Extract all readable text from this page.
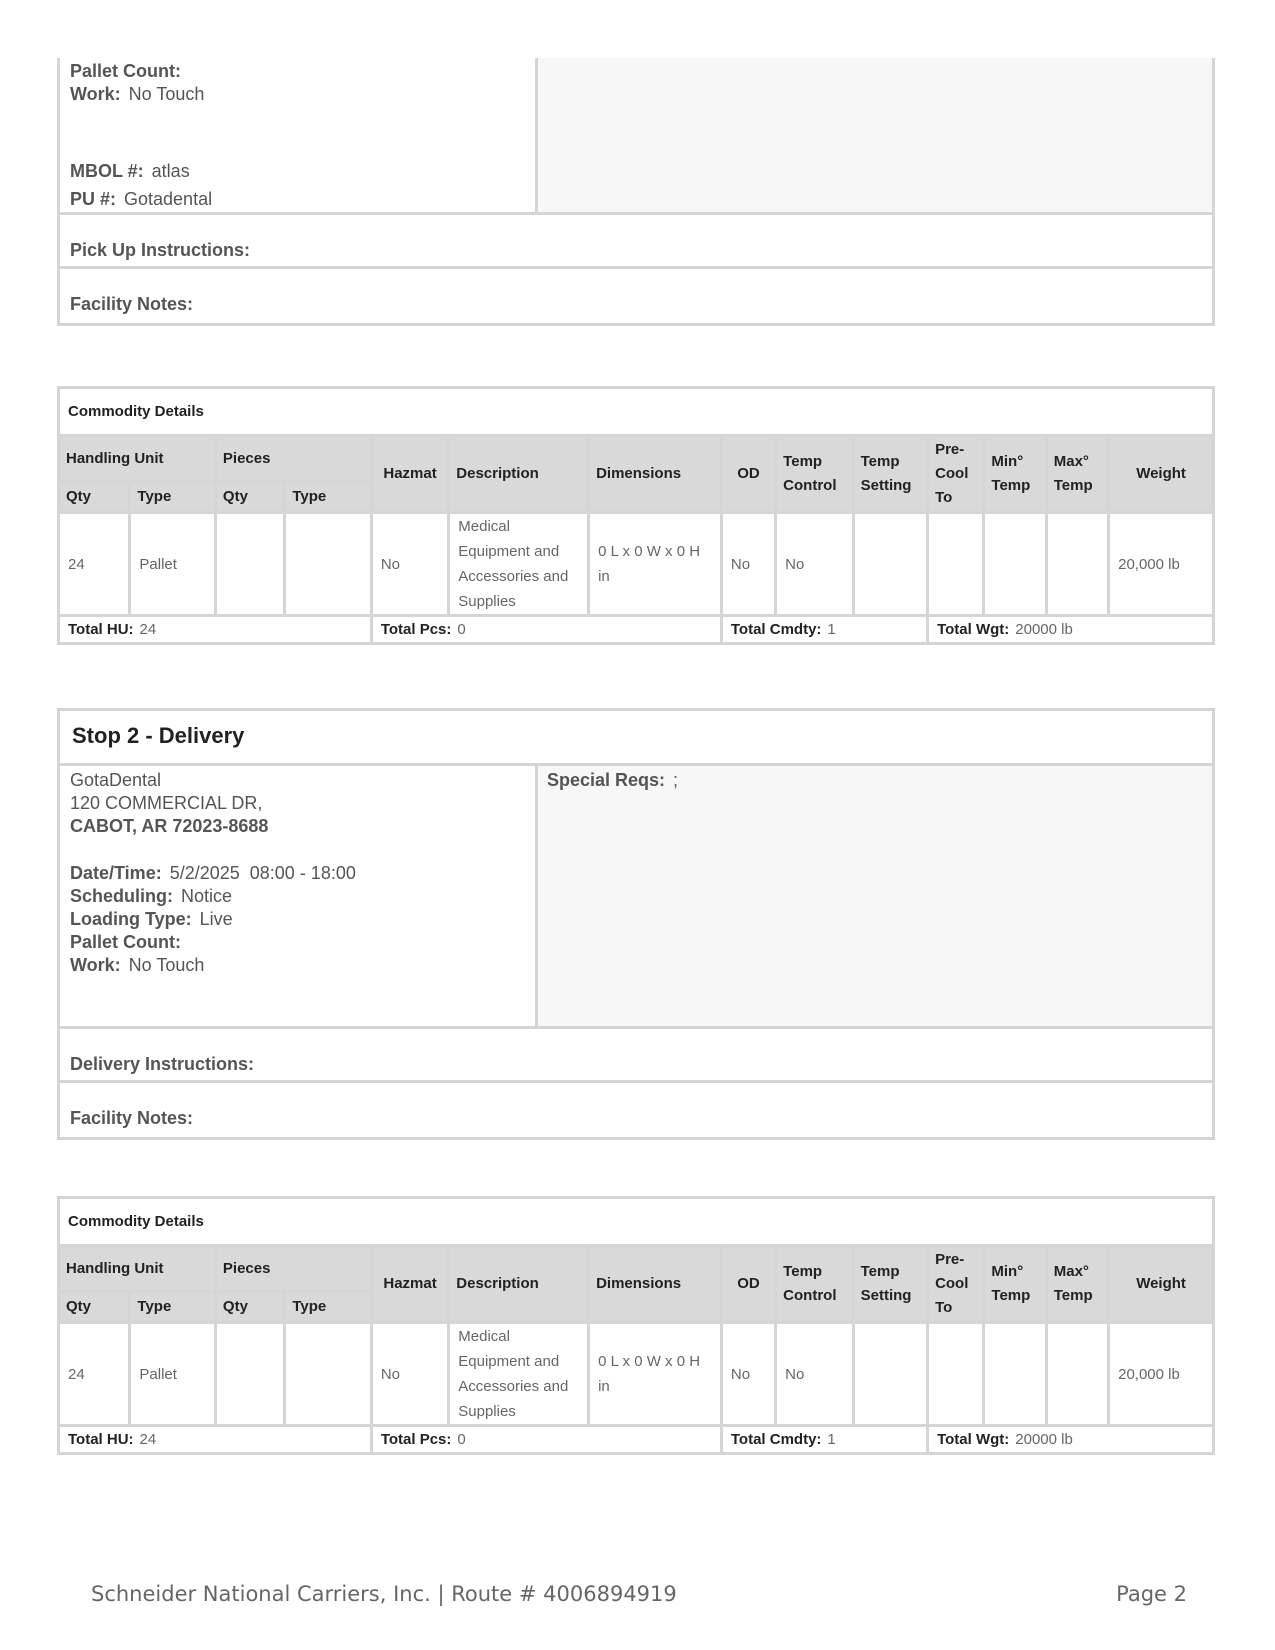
Pallet Count:
Work: No Touch
MBOL #: atlas
PU #: Gotadental
Pick Up Instructions:
Facility Notes:
Commodity Details													
Handling Unit		Pieces		Hazmat	Description	Dimensions	OD	Temp Control	Temp Setting	Pre-Cool To	Min° Temp	Max° Temp	Weight
Qty	Type	Qty	Type										
24	Pallet			No	Medical Equipment and Accessories and Supplies	0 L x 0 W x 0 H in	No	No					20,000 lb
Total HU: 24				Total Pcs: 0			Total Cmdty: 1			Total Wgt: 20000 lb			
Stop 2 - Delivery
GotaDental
120 COMMERCIAL DR,
CABOT, AR 72023-8688
Date/Time: 5/2/2025  08:00 - 18:00
Scheduling: Notice
Loading Type: Live
Pallet Count:
Work: No Touch
Special Reqs: ;
Delivery Instructions:
Facility Notes:
Commodity Details													
Handling Unit		Pieces		Hazmat	Description	Dimensions	OD	Temp Control	Temp Setting	Pre-Cool To	Min° Temp	Max° Temp	Weight
Qty	Type	Qty	Type										
24	Pallet			No	Medical Equipment and Accessories and Supplies	0 L x 0 W x 0 H in	No	No					20,000 lb
Total HU: 24				Total Pcs: 0			Total Cmdty: 1			Total Wgt: 20000 lb			
Schneider National Carriers, Inc. | Route # 4006894919	Page 2
